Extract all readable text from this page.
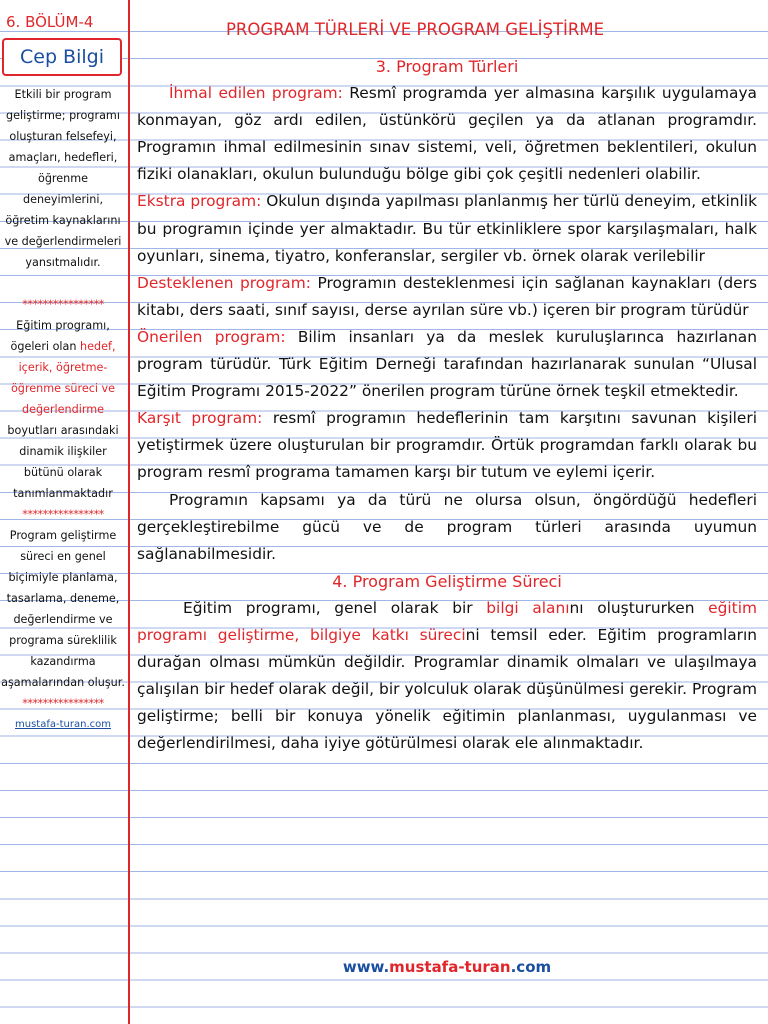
6. BÖLÜM-4
Cep Bilgi
Etkili bir program geliştirme; programı oluşturan felsefeyi, amaçları, hedefleri, öğrenme deneyimlerini, öğretim kaynaklarını ve değerlendirmeleri yansıtmalıdır.
****************
Eğitim programı, ögeleri olan hedef, içerik, öğretme-öğrenme süreci ve değerlendirme boyutları arasındaki dinamik ilişkiler bütünü olarak tanımlanmaktadır
****************
Program geliştirme süreci en genel biçimiyle planlama, tasarlama, deneme, değerlendirme ve programa süreklilik kazandırma aşamalarından oluşur.
****************
mustafa-turan.com
PROGRAM TÜRLERİ VE PROGRAM GELİŞTİRME
3. Program Türleri

İhmal edilen program: Resmî programda yer almasına karşılık uygulamaya konmayan, göz ardı edilen, üstünkörü geçilen ya da atlanan programdır. Programın ihmal edilmesinin sınav sistemi, veli, öğretmen beklentileri, okulun fiziki olanakları, okulun bulunduğu bölge gibi çok çeşitli nedenleri olabilir.

Ekstra program: Okulun dışında yapılması planlanmış her türlü deneyim, etkinlik bu programın içinde yer almaktadır. Bu tür etkinliklere spor karşılaşmaları, halk oyunları, sinema, tiyatro, konferanslar, sergiler vb. örnek olarak verilebilir

Desteklenen program: Programın desteklenmesi için sağlanan kaynakları (ders kitabı, ders saati, sınıf sayısı, derse ayrılan süre vb.) içeren bir program türüdür

Önerilen program: Bilim insanları ya da meslek kuruluşlarınca hazırlanan program türüdür. Türk Eğitim Derneği tarafından hazırlanarak sunulan “Ulusal Eğitim Programı 2015-2022” önerilen program türüne örnek teşkil etmektedir.

Karşıt program: resmî programın hedeflerinin tam karşıtını savunan kişileri yetiştirmek üzere oluşturulan bir programdır. Örtük programdan farklı olarak bu program resmî programa tamamen karşı bir tutum ve eylemi içerir.

Programın kapsamı ya da türü ne olursa olsun, öngördüğü hedefleri gerçekleştirebilme gücü ve de program türleri arasında uyumun sağlanabilmesidir.

4. Program Geliştirme Süreci

Eğitim programı, genel olarak bir bilgi alanını oluştururken eğitim programı geliştirme, bilgiye katkı sürecini temsil eder. Eğitim programların durağan olması mümkün değildir. Programlar dinamik olmaları ve ulaşılmaya çalışılan bir hedef olarak değil, bir yolculuk olarak düşünülmesi gerekir. Program geliştirme; belli bir konuya yönelik eğitimin planlanması, uygulanması ve değerlendirilmesi, daha iyiye götürülmesi olarak ele alınmaktadır.

www.mustafa-turan.com
